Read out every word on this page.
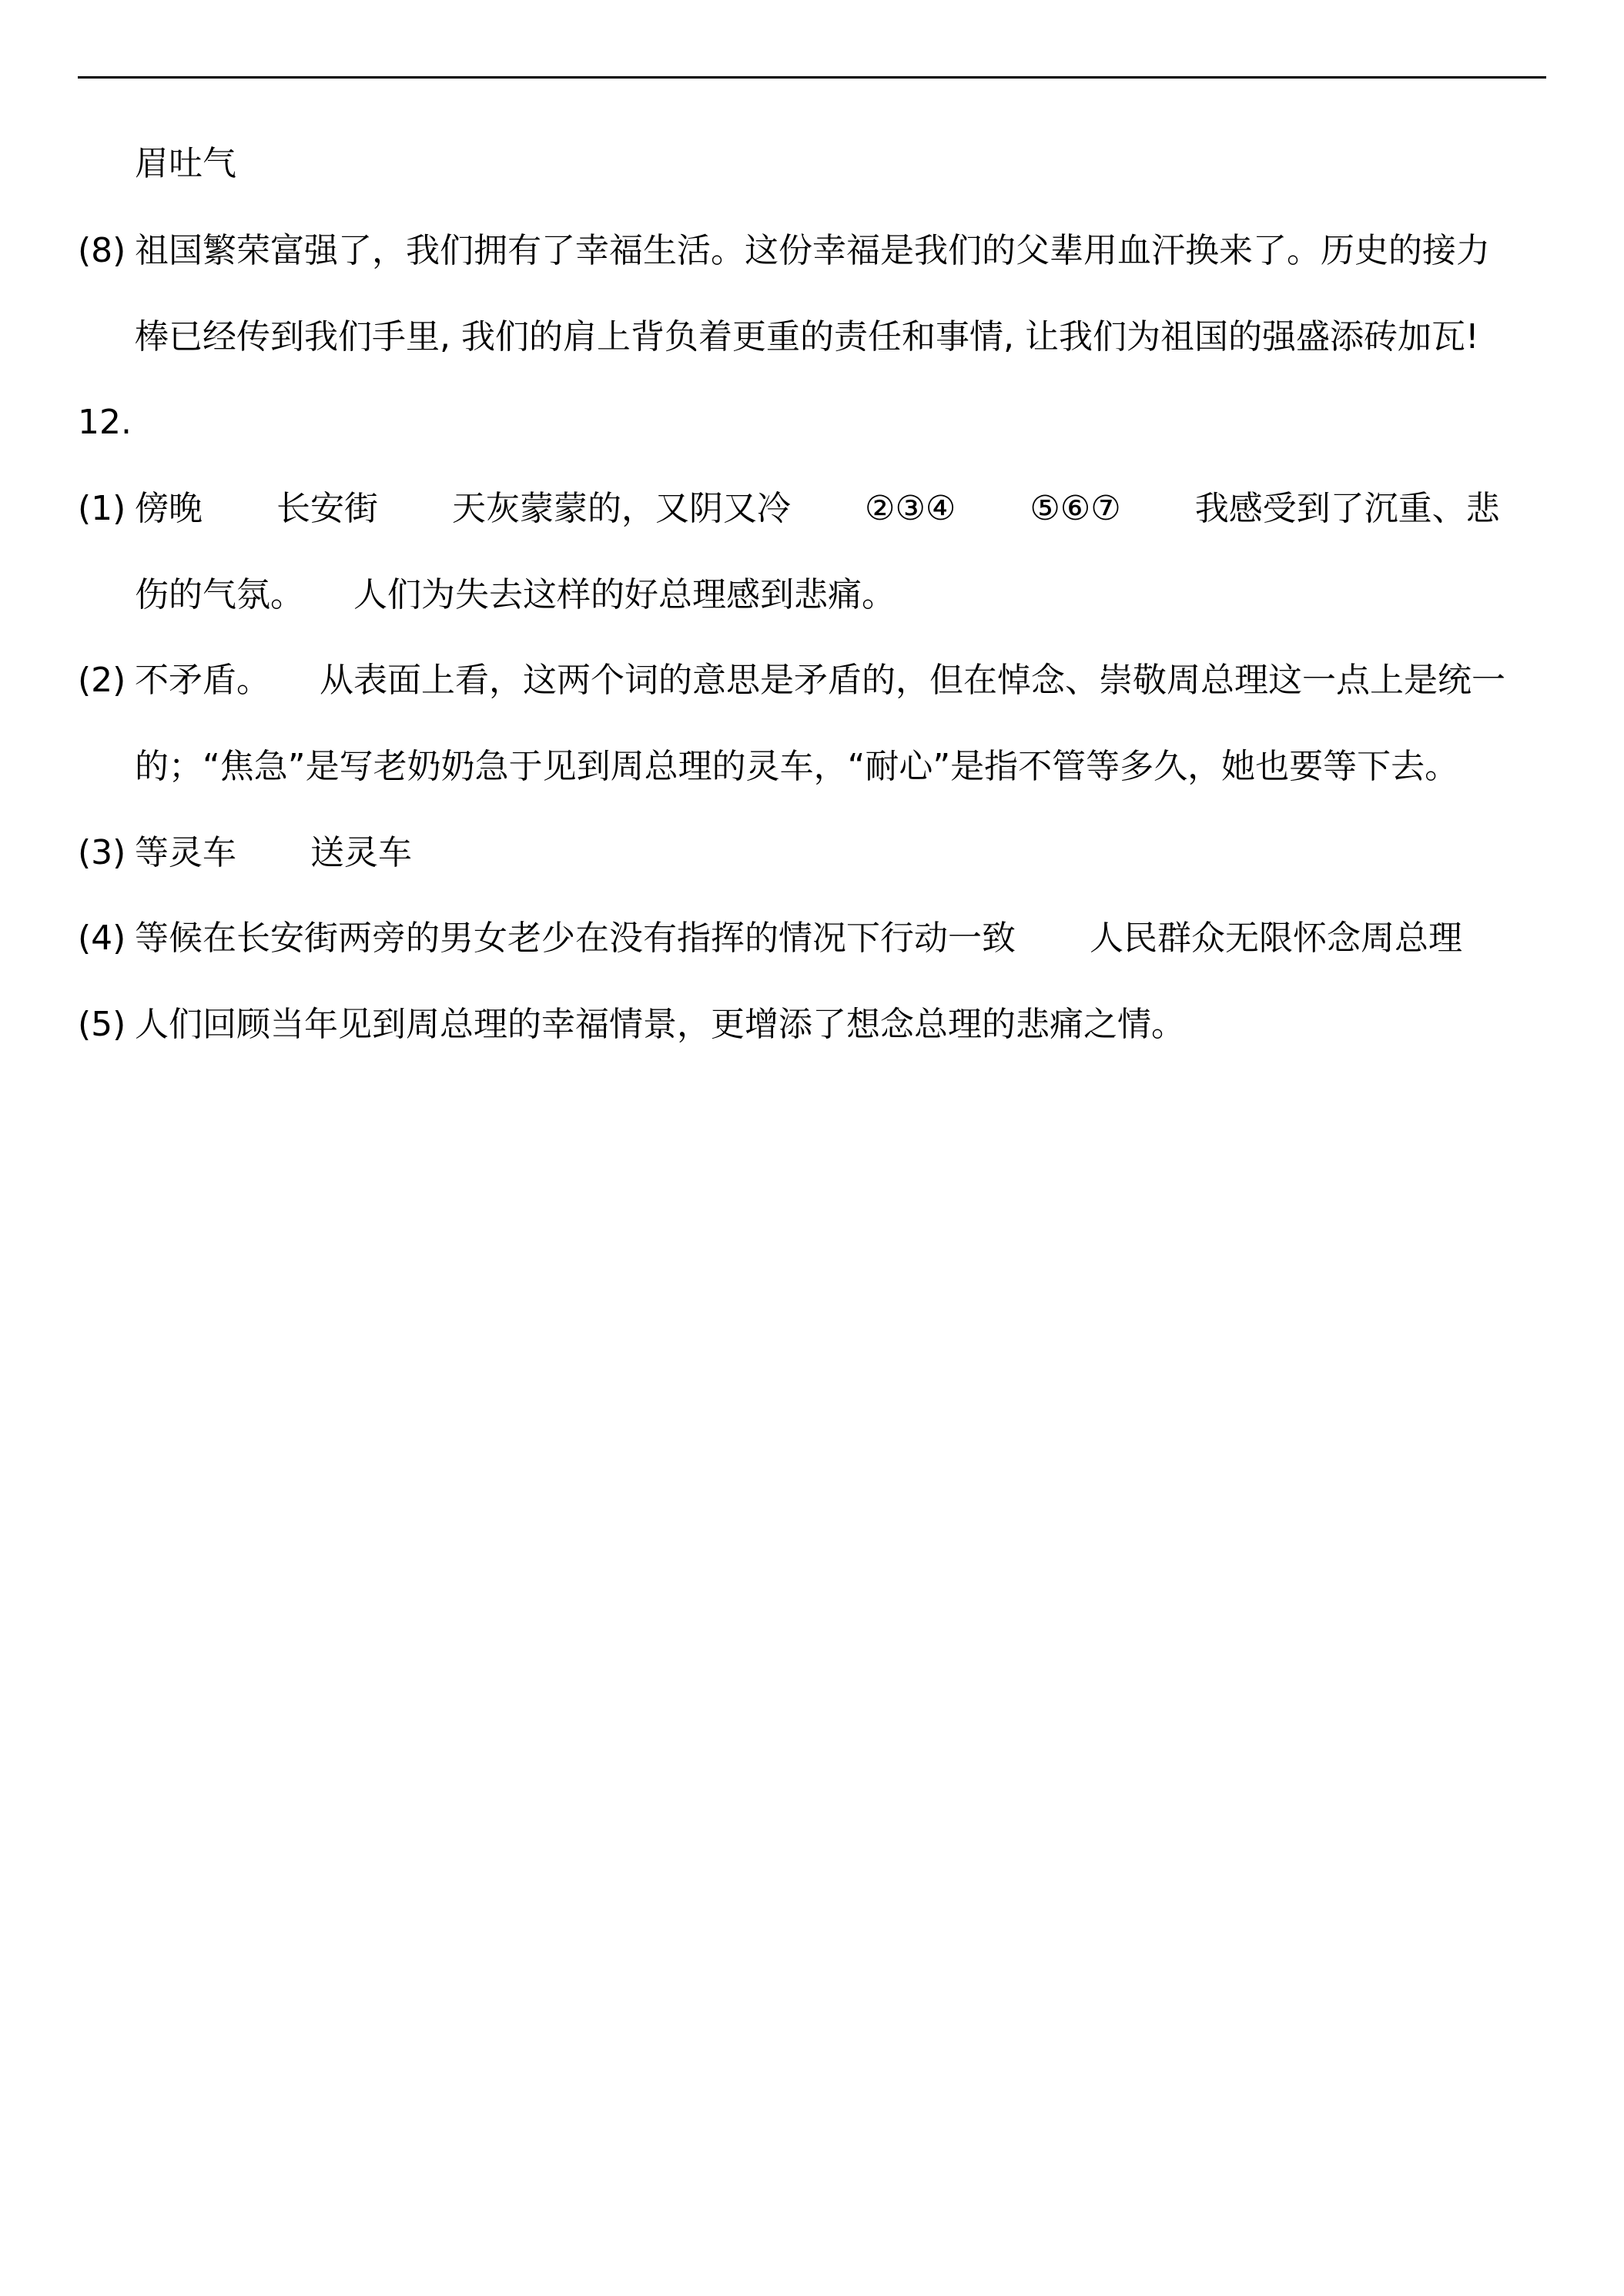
眉吐气
(8) 祖国繁荣富强了，我们拥有了幸福生活。这份幸福是我们的父辈用血汗换来了。历史的接力
棒已经传到我们手里, 我们的肩上背负着更重的责任和事情, 让我们为祖国的强盛添砖加瓦!
12.
(1) 傍晚 长安街 天灰蒙蒙的，又阴又冷 ②③④ ⑤⑥⑦ 我感受到了沉重、悲
伤的气氛。 人们为失去这样的好总理感到悲痛。
(2) 不矛盾。 从表面上看，这两个词的意思是矛盾的，但在悼念、崇敬周总理这一点上是统一
的；“焦急”是写老奶奶急于见到周总理的灵车，“耐心”是指不管等多久，她也要等下去。
(3) 等灵车 送灵车
(4) 等候在长安街两旁的男女老少在没有指挥的情况下行动一致 人民群众无限怀念周总理
(5) 人们回顾当年见到周总理的幸福情景，更增添了想念总理的悲痛之情。
